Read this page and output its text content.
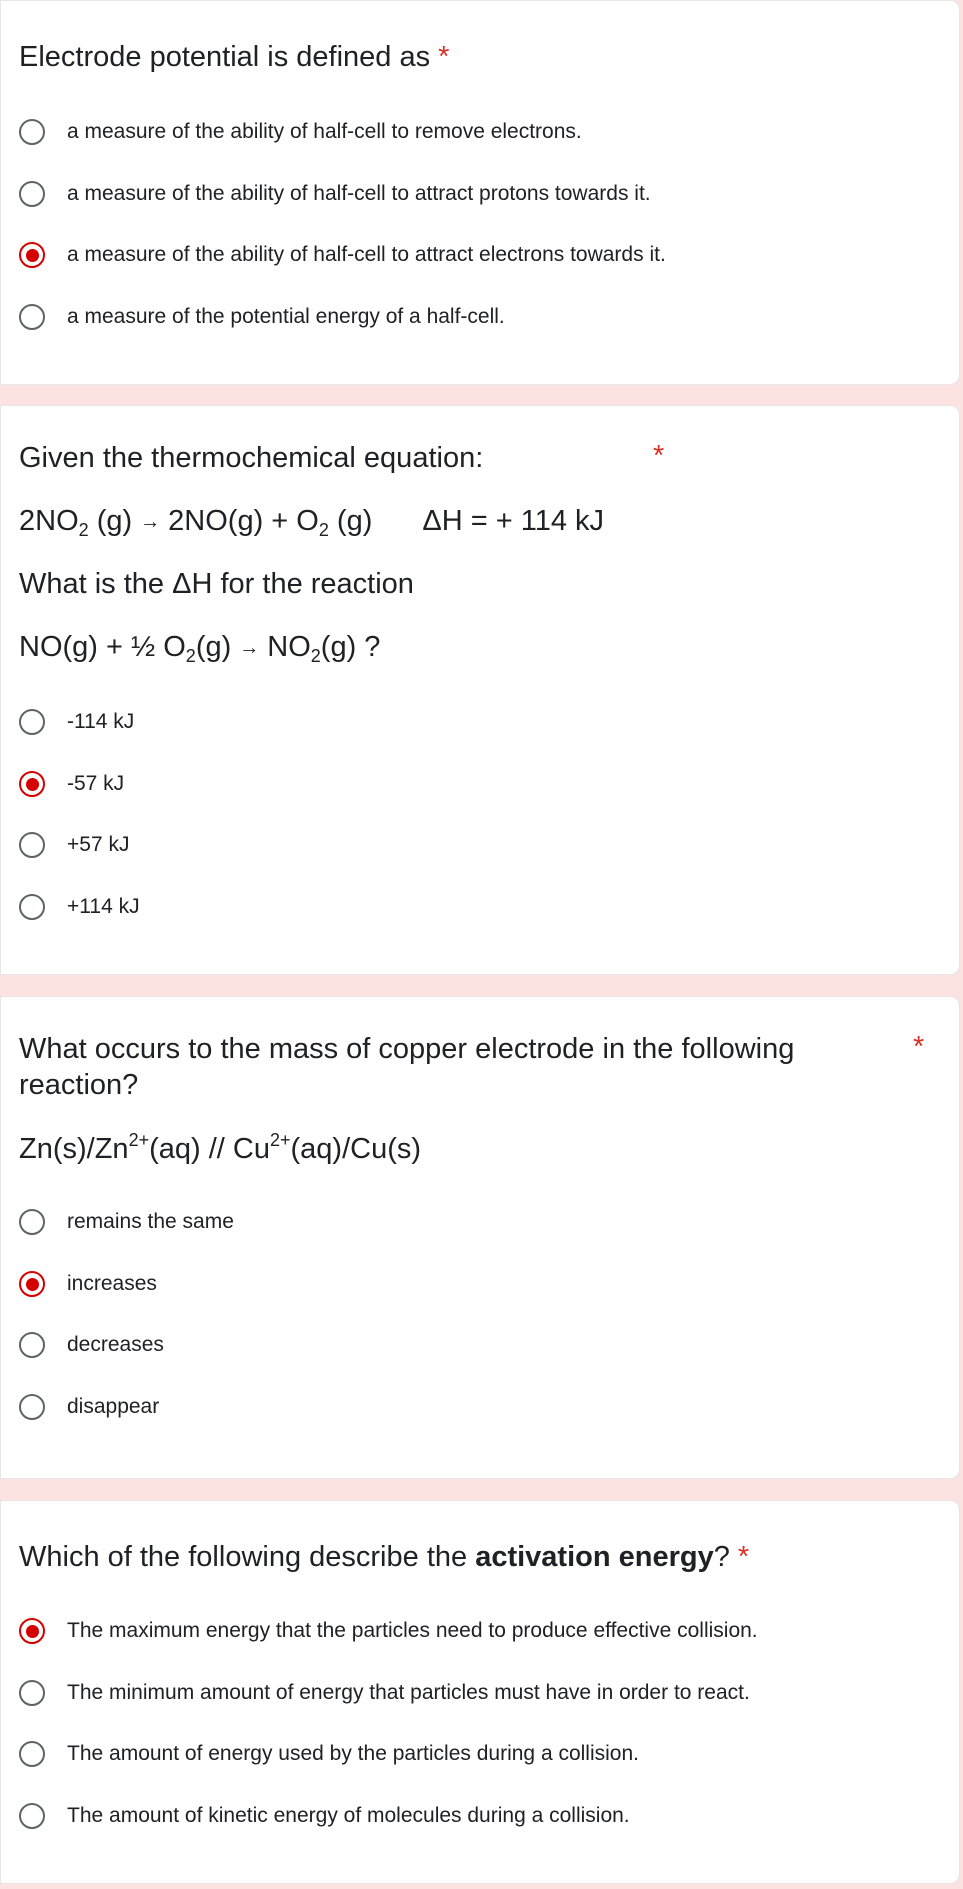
Electrode potential is defined as *
a measure of the ability of half-cell to remove electrons.
a measure of the ability of half-cell to attract protons towards it.
a measure of the ability of half-cell to attract electrons towards it.
a measure of the potential energy of a half-cell.
Given the thermochemical equation:	*
$2NO_2$ $(g) \to 2NO(g) + O_2$ (g) ΔH = + 114 kJ
What is the ΔH for the reaction
NO(g) + ½ $O_2(g) \to NO_2(g)$ ?
-114 kJ
-57 kJ
+57 kJ
+114 kJ
What occurs to the mass of copper electrode in the following
reaction?
*
$Zn(s)/Zn^{2+}(aq) // Cu^{2+}(aq)/Cu(s)$
remains the same
increases
decreases
disappear
Which of the following describe the activation energy? *
The maximum energy that the particles need to produce effective collision.
The minimum amount of energy that particles must have in order to react.
The amount of energy used by the particles during a collision.
The amount of kinetic energy of molecules during a collision.
